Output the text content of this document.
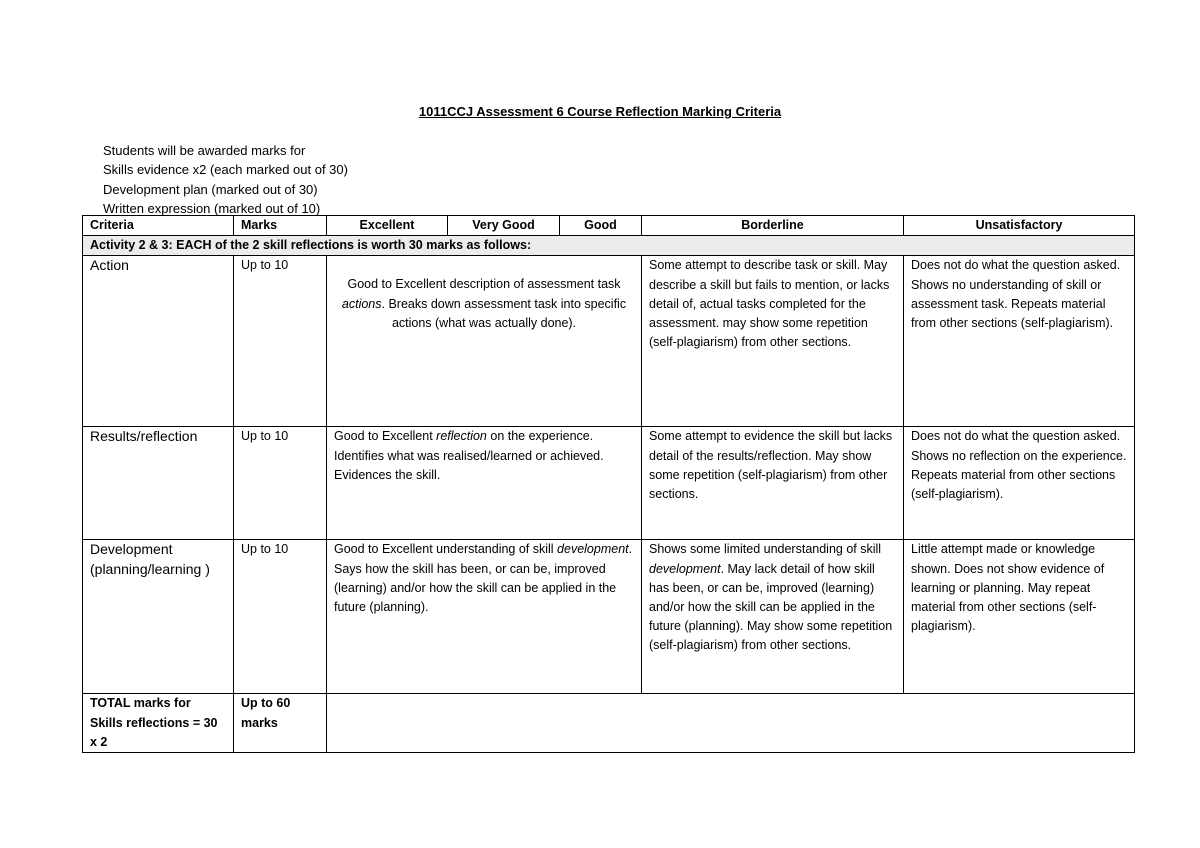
1011CCJ Assessment 6 Course Reflection Marking Criteria
Students will be awarded marks for
Skills evidence x2 (each marked out of 30)
Development plan (marked out of 30)
Written expression (marked out of 10)
Criteria	Marks	Excellent	Very Good	Good	Borderline	Unsatisfactory
Activity 2 & 3: EACH of the 2 skill reflections is worth 30 marks as follows:						
Action	Up to 10	Good to Excellent description of assessment task actions. Breaks down assessment task into specific actions (what was actually done).			Some attempt to describe task or skill. May describe a skill but fails to mention, or lacks detail of, actual tasks completed for the assessment. may show some repetition (self-plagiarism) from other sections.	Does not do what the question asked. Shows no understanding of skill or assessment task. Repeats material from other sections (self-plagiarism).
Results/reflection	Up to 10	Good to Excellent reflection on the experience. Identifies what was realised/learned or achieved. Evidences the skill.			Some attempt to evidence the skill but lacks detail of the results/reflection. May show some repetition (self-plagiarism) from other sections.	Does not do what the question asked. Shows no reflection on the experience. Repeats material from other sections (self-plagiarism).
Development (planning/learning )	Up to 10	Good to Excellent understanding of skill development. Says how the skill has been, or can be, improved (learning) and/or how the skill can be applied in the future (planning).			Shows some limited understanding of skill development. May lack detail of how skill has been, or can be, improved (learning) and/or how the skill can be applied in the future (planning). May show some repetition (self-plagiarism) from other sections.	Little attempt made or knowledge shown. Does not show evidence of learning or planning. May repeat material from other sections (self-plagiarism).
TOTAL marks for Skills reflections = 30 x 2	Up to 60 marks					
